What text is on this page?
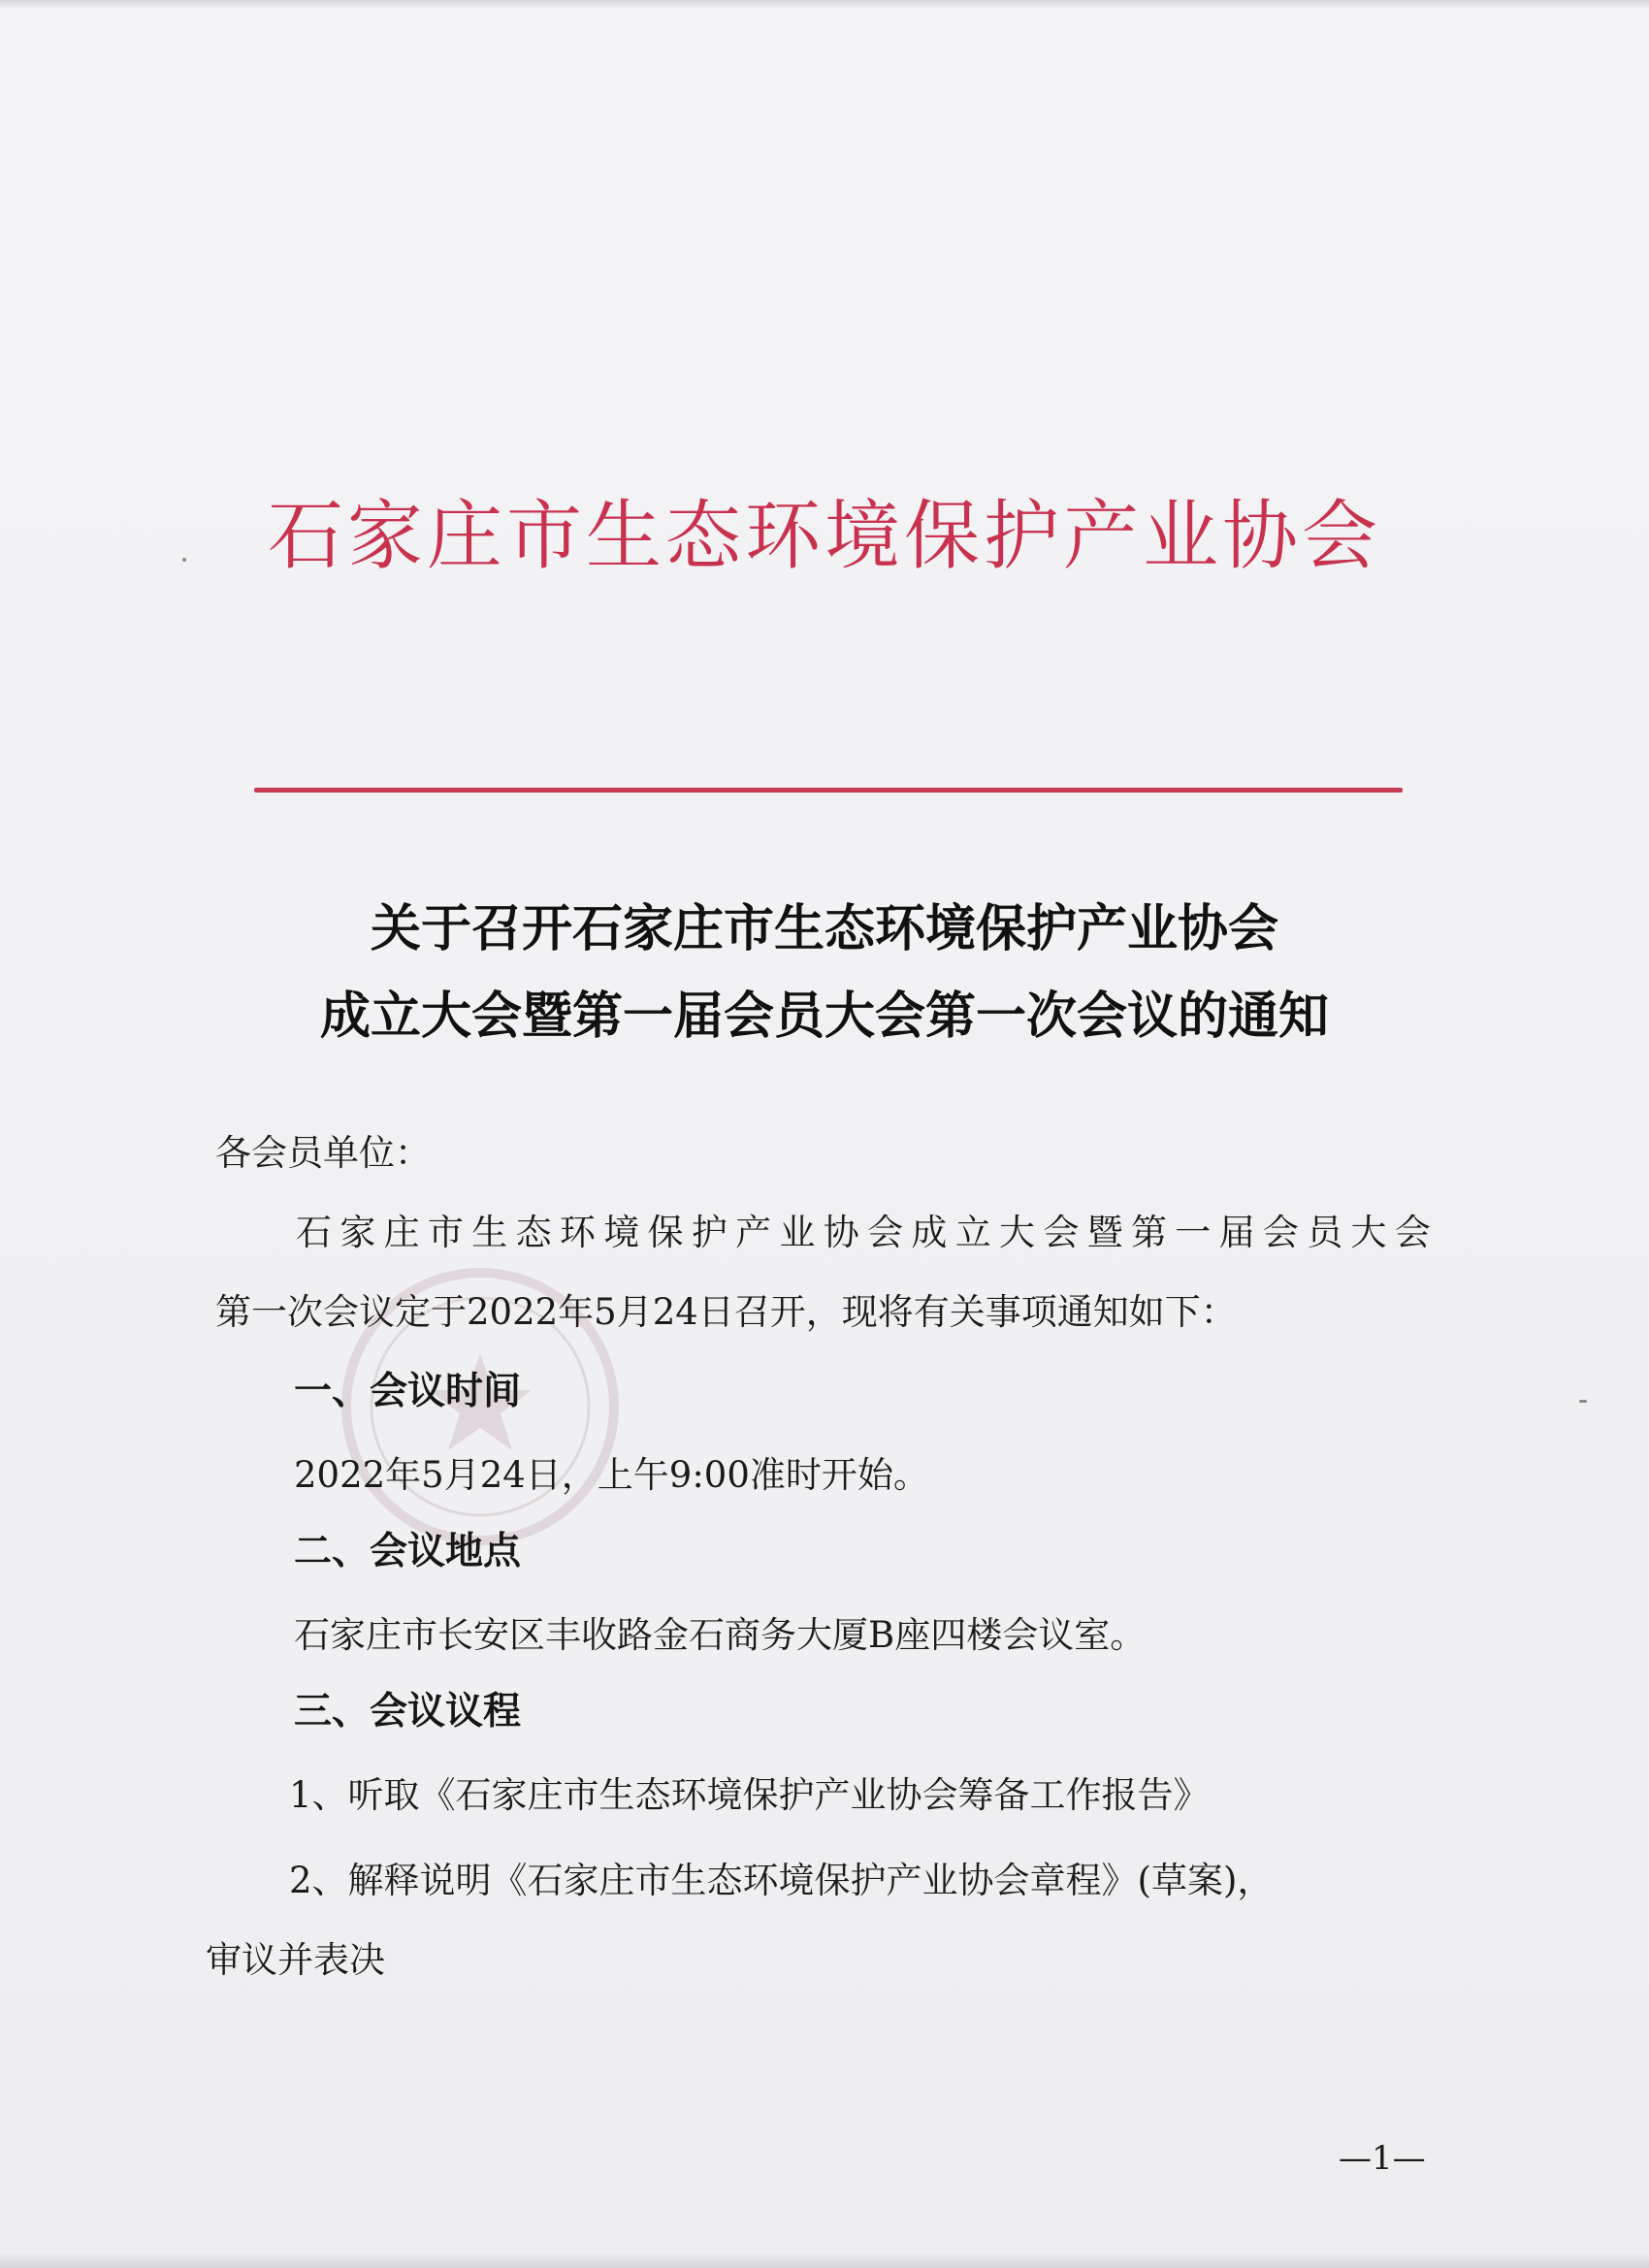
石家庄市生态环境保护产业协会
关于召开石家庄市生态环境保护产业协会
成立大会暨第一届会员大会第一次会议的通知
各会员单位：
石 家 庄 市 生 态 环 境 保 护 产 业 协 会 成 立 大 会 暨 第 一 届 会 员 大 会
第一次会议定于2022年5月24日召开，现将有关事项通知如下：
一、会议时间
2022年5月24日，上午9:00准时开始。
二、会议地点
石家庄市长安区丰收路金石商务大厦B座四楼会议室。
三、会议议程
1、听取《石家庄市生态环境保护产业协会筹备工作报告》
2、解释说明《石家庄市生态环境保护产业协会章程》(草案)，
审议并表决
—1—
